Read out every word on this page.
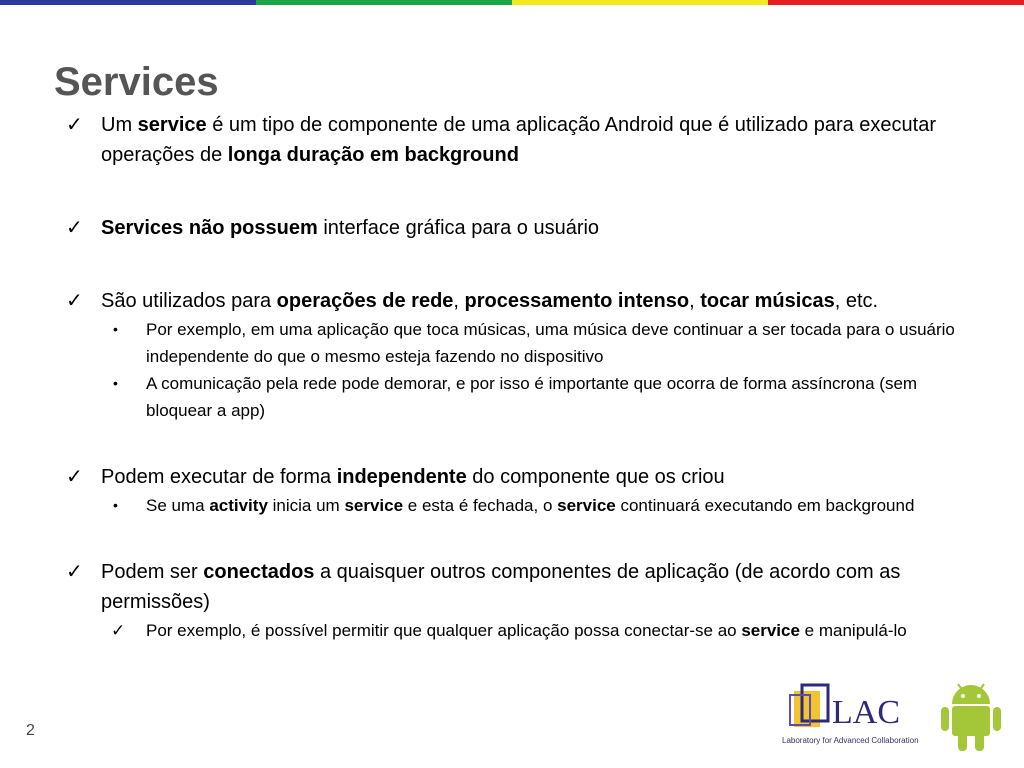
Services
✓ Um service é um tipo de componente de uma aplicação Android que é utilizado para executar operações de longa duração em background
✓ Services não possuem interface gráfica para o usuário
✓ São utilizados para operações de rede, processamento intenso, tocar músicas, etc.
•	Por exemplo, em uma aplicação que toca músicas, uma música deve continuar a ser tocada para o usuário independente do que o mesmo esteja fazendo no dispositivo
•	A comunicação pela rede pode demorar, e por isso é importante que ocorra de forma assíncrona (sem bloquear a app)
✓ Podem executar de forma independente do componente que os criou
•	Se uma activity inicia um service e esta é fechada, o service continuará executando em background
✓ Podem ser conectados a quaisquer outros componentes de aplicação (de acordo com as permissões)
✓	Por exemplo, é possível permitir que qualquer aplicação possa conectar-se ao service e manipulá-lo
2	LAC
Laboratory for Advanced Collaboration
